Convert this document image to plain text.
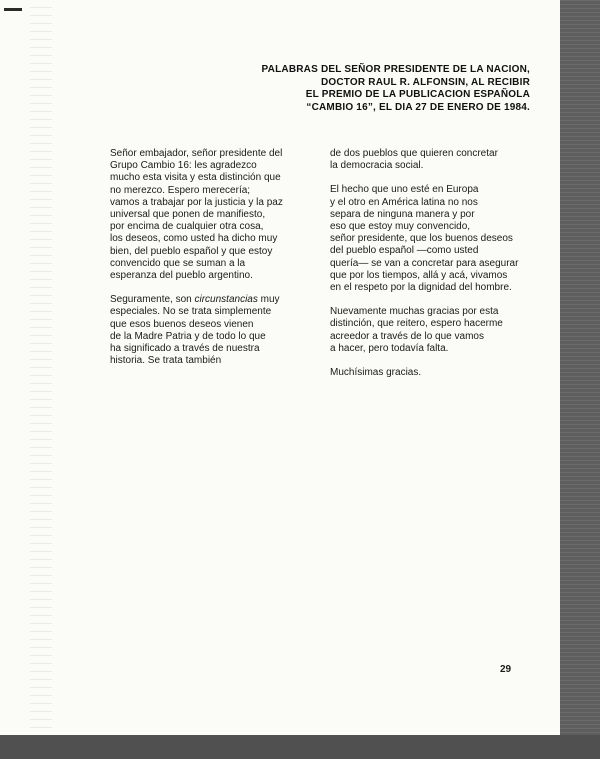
PALABRAS DEL SEÑOR PRESIDENTE DE LA NACION,
DOCTOR RAUL R. ALFONSIN, AL RECIBIR
EL PREMIO DE LA PUBLICACION ESPAÑOLA
“CAMBIO 16”, EL DIA 27 DE ENERO DE 1984.
Señor embajador, señor presidente del
Grupo Cambio 16: les agradezco
mucho esta visita y esta distinción que
no merezco. Espero merecería;
vamos a trabajar por la justicia y la paz
universal que ponen de manifiesto,
por encima de cualquier otra cosa,
los deseos, como usted ha dicho muy
bien, del pueblo español y que estoy
convencido que se suman a la
esperanza del pueblo argentino.
Seguramente, son circunstancias muy
especiales. No se trata simplemente
que esos buenos deseos vienen
de la Madre Patria y de todo lo que
ha significado a través de nuestra
historia. Se trata también
de dos pueblos que quieren concretar
la democracia social.
El hecho que uno esté en Europa
y el otro en América latina no nos
separa de ninguna manera y por
eso que estoy muy convencido,
señor presidente, que los buenos deseos
del pueblo español —como usted
quería— se van a concretar para asegurar
que por los tiempos, allá y acá, vivamos
en el respeto por la dignidad del hombre.
Nuevamente muchas gracias por esta
distinción, que reitero, espero hacerme
acreedor a través de lo que vamos
a hacer, pero todavía falta.
Muchísimas gracias.
29
